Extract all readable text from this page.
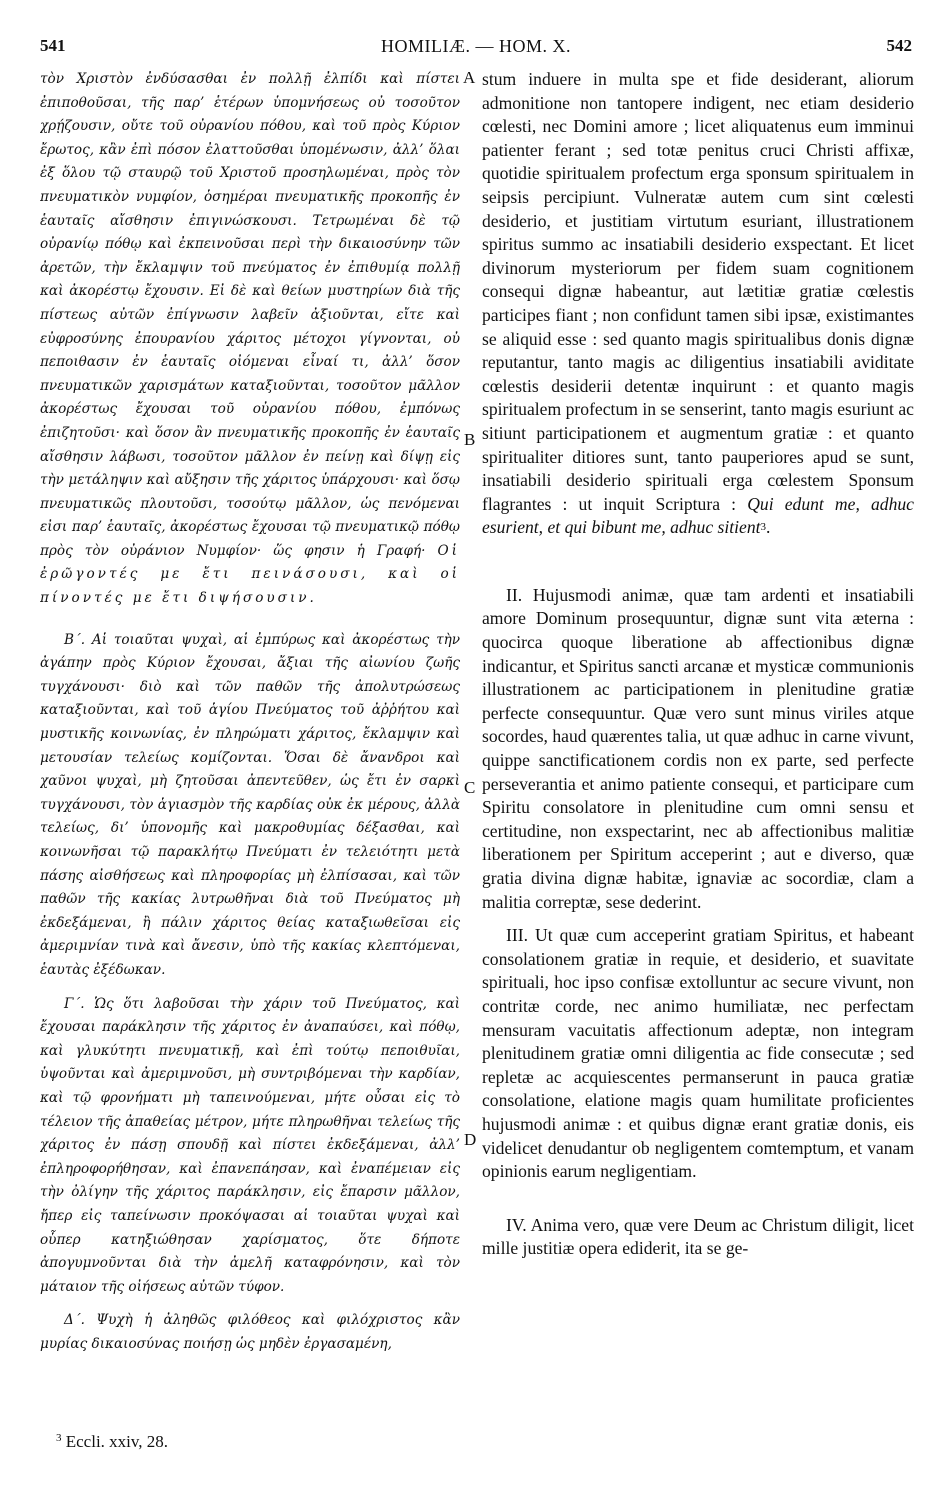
541	HOMILIÆ. — HOM. X.	542

τὸν Χριστὸν ἐνδύσασθαι ἐν πολλῇ ἐλπίδι καὶ πίστει ἐπιποθοῦσαι, τῆς παρ’ ἑτέρων ὑπομνήσεως οὐ τοσοῦτον χρῄζουσιν, οὔτε τοῦ οὐρανίου πόθου, καὶ τοῦ πρὸς Κύριον ἔρωτος, κἂν ἐπὶ πόσον ἐλαττοῦσθαι ὑπομένωσιν, ἀλλ’ ὅλαι ἐξ ὅλου τῷ σταυρῷ τοῦ Χριστοῦ προσηλωμέναι, πρὸς τὸν πνευματικὸν νυμφίον, ὁσημέραι πνευματικῆς προκοπῆς ἐν ἑαυταῖς αἴσθησιν ἐπιγινώσκουσι. Τετρωμέναι δὲ τῷ οὐρανίῳ πόθῳ καὶ ἐκπεινοῦσαι περὶ τὴν δικαιοσύνην τῶν ἀρετῶν, τὴν ἔκλαμψιν τοῦ πνεύματος ἐν ἐπιθυμίᾳ πολλῇ καὶ ἀκορέστῳ ἔχουσιν. Εἰ δὲ καὶ θείων μυστηρίων διὰ τῆς πίστεως αὐτῶν ἐπίγνωσιν λαβεῖν ἀξιοῦνται, εἴτε καὶ εὐφροσύνης ἐπουρανίου χάριτος μέτοχοι γίγνονται, οὐ πεποιθασιν ἐν ἑαυταῖς οἰόμεναι εἶναί τι, ἀλλ’ ὅσον πνευματικῶν χαρισμάτων καταξιοῦνται, τοσοῦτον μᾶλλον ἀκορέστως ἔχουσαι τοῦ οὐρανίου πόθου, ἐμπόνως ἐπιζητοῦσι· καὶ ὅσον ἂν πνευματικῆς προκοπῆς ἐν ἑαυταῖς αἴσθησιν λάβωσι, τοσοῦτον μᾶλλον ἐν πείνῃ καὶ δίψῃ εἰς τὴν μετάληψιν καὶ αὔξησιν τῆς χάριτος ὑπάρχουσι· καὶ ὅσῳ πνευματικῶς πλουτοῦσι, τοσούτῳ μᾶλλον, ὡς πενόμεναι εἰσι παρ’ ἑαυταῖς, ἀκορέστως ἔχουσαι τῷ πνευματικῷ πόθῳ πρὸς τὸν οὐράνιον Νυμφίον· ὥς φησιν ἡ Γραφή· Οἱ ἐρῶγοντές με ἔτι πεινάσουσι, καὶ οἱ πίνοντές με ἔτι διψήσουσιν.

Β΄. Αἱ τοιαῦται ψυχαὶ, αἱ ἐμπύρως καὶ ἀκορέστως τὴν ἀγάπην πρὸς Κύριον ἔχουσαι, ἄξιαι τῆς αἰωνίου ζωῆς τυγχάνουσι· διὸ καὶ τῶν παθῶν τῆς ἀπολυτρώσεως καταξιοῦνται, καὶ τοῦ ἁγίου Πνεύματος τοῦ ἀῤῥήτου καὶ μυστικῆς κοινωνίας, ἐν πληρώματι χάριτος, ἔκλαμψιν καὶ μετουσίαν τελείως κομίζονται. Ὅσαι δὲ ἄνανδροι καὶ χαῦνοι ψυχαὶ, μὴ ζητοῦσαι ἀπεντεῦθεν, ὡς ἔτι ἐν σαρκὶ τυγχάνουσι, τὸν ἁγιασμὸν τῆς καρδίας οὐκ ἐκ μέρους, ἀλλὰ τελείως, δι’ ὑπονομῆς καὶ μακροθυμίας δέξασθαι, καὶ κοινωνῆσαι τῷ παρακλήτῳ Πνεύματι ἐν τελειότητι μετὰ πάσης αἰσθήσεως καὶ πληροφορίας μὴ ἐλπίσασαι, καὶ τῶν παθῶν τῆς κακίας λυτρωθῆναι διὰ τοῦ Πνεύματος μὴ ἐκδεξάμεναι, ἢ πάλιν χάριτος θείας καταξιωθεῖσαι εἰς ἀμεριμνίαν τινὰ καὶ ἄνεσιν, ὑπὸ τῆς κακίας κλεπτόμεναι, ἑαυτὰς ἐξέδωκαν.

Γ΄. Ὡς ὅτι λαβοῦσαι τὴν χάριν τοῦ Πνεύματος, καὶ ἔχουσαι παράκλησιν τῆς χάριτος ἐν ἀναπαύσει, καὶ πόθῳ, καὶ γλυκύτητι πνευματικῇ, καὶ ἐπὶ τούτῳ πεποιθυῖαι, ὑψοῦνται καὶ ἀμεριμνοῦσι, μὴ συντριβόμεναι τὴν καρδίαν, καὶ τῷ φρονήματι μὴ ταπεινούμεναι, μήτε οὖσαι εἰς τὸ τέλειον τῆς ἀπαθείας μέτρον, μήτε πληρωθῆναι τελείως τῆς χάριτος ἐν πάσῃ σπουδῇ καὶ πίστει ἐκδεξάμεναι, ἀλλ’ ἐπληροφορήθησαν, καὶ ἐπανεπάησαν, καὶ ἐναπέμειαν εἰς τὴν ὀλίγην τῆς χάριτος παράκλησιν, εἰς ἔπαρσιν μᾶλλον, ἤπερ εἰς ταπείνωσιν προκόψασαι αἱ τοιαῦται ψυχαὶ καὶ οὗπερ κατηξιώθησαν χαρίσματος, ὅτε δήποτε ἀπογυμνοῦνται διὰ τὴν ἀμελῆ καταφρόνησιν, καὶ τὸν μάταιον τῆς οἰήσεως αὐτῶν τύφον.

Δ΄. Ψυχὴ ἡ ἀληθῶς φιλόθεος καὶ φιλόχριστος κἂν μυρίας δικαιοσύνας ποιήσῃ ὡς μηδὲν ἐργασαμένη,

A
B
C
D

stum induere in multa spe et fide desiderant, aliorum admonitione non tantopere indigent, nec etiam desiderio cœlesti, nec Domini amore ; licet aliquatenus eum imminui patienter ferant ; sed totæ penitus cruci Christi affixæ, quotidie spiritualem profectum erga sponsum spiritualem in seipsis percipiunt. Vulneratæ autem cum sint cœlesti desiderio, et justitiam virtutum esuriant, illustrationem spiritus summo ac insatiabili desiderio exspectant. Et licet divinorum mysteriorum per fidem suam cognitionem consequi dignæ habeantur, aut lætitiæ gratiæ cœlestis participes fiant ; non confidunt tamen sibi ipsæ, existimantes se aliquid esse : sed quanto magis spiritualibus donis dignæ reputantur, tanto magis ac diligentius insatiabili aviditate cœlestis desiderii detentæ inquirunt : et quanto magis spiritualem profectum in se senserint, tanto magis esuriunt ac sitiunt participationem et augmentum gratiæ : et quanto spiritualiter ditiores sunt, tanto pauperiores apud se sunt, insatiabili desiderio spirituali erga cœlestem Sponsum flagrantes : ut inquit Scriptura : Qui edunt me, adhuc esurient, et qui bibunt me, adhuc sitient$^3$.

II. Hujusmodi animæ, quæ tam ardenti et insatiabili amore Dominum prosequuntur, dignæ sunt vita æterna : quocirca quoque liberatione ab affectionibus dignæ indicantur, et Spiritus sancti arcanæ et mysticæ communionis illustrationem ac participationem in plenitudine gratiæ perfecte consequuntur. Quæ vero sunt minus viriles atque socordes, haud quærentes talia, ut quæ adhuc in carne vivunt, quippe sanctificationem cordis non ex parte, sed perfecte perseverantia et animo patiente consequi, et participare cum Spiritu consolatore in plenitudine cum omni sensu et certitudine, non exspectarint, nec ab affectionibus malitiæ liberationem per Spiritum acceperint ; aut e diverso, quæ gratia divina dignæ habitæ, ignaviæ ac socordiæ, clam a malitia correptæ, sese dederint.

III. Ut quæ cum acceperint gratiam Spiritus, et habeant consolationem gratiæ in requie, et desiderio, et suavitate spirituali, hoc ipso confisæ extolluntur ac secure vivunt, non contritæ corde, nec animo humiliatæ, nec perfectam mensuram vacuitatis affectionum adeptæ, non integram plenitudinem gratiæ omni diligentia ac fide consecutæ ; sed repletæ ac acquiescentes permanserunt in pauca gratiæ consolatione, elatione magis quam humilitate proficientes hujusmodi animæ : et quibus dignæ erant gratiæ donis, eis videlicet denudantur ob negligentem comtemptum, et vanam opinionis earum negligentiam.

IV. Anima vero, quæ vere Deum ac Christum diligit, licet mille justitiæ opera ediderit, ita se ge-

$^3$ Eccli. xxiv, 28.
